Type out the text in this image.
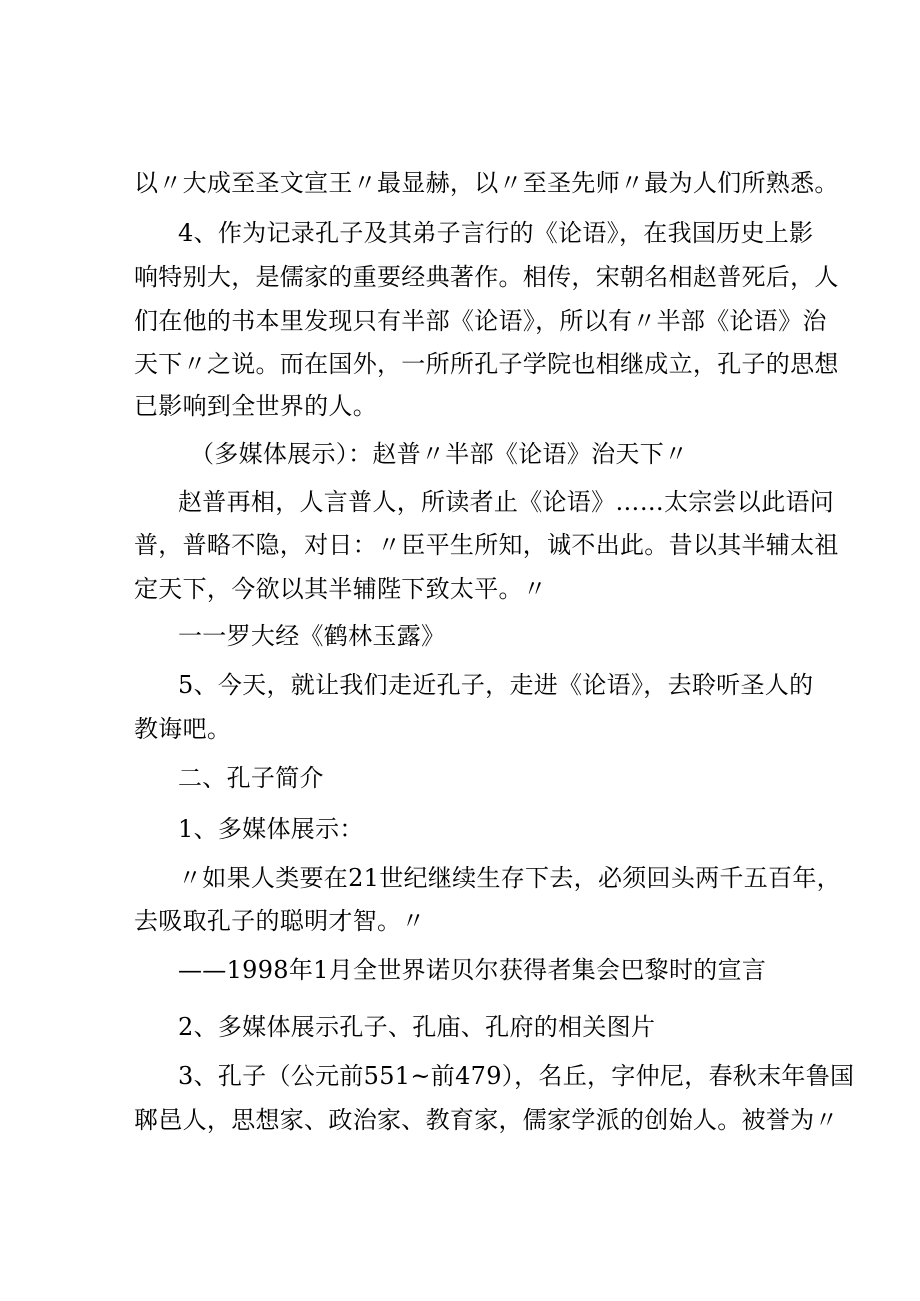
以〃大成至圣文宣王〃最显赫，以〃至圣先师〃最为人们所熟悉。
4、作为记录孔子及其弟子言行的《论语》，在我国历史上影
响特别大，是儒家的重要经典著作。相传，宋朝名相赵普死后，人
们在他的书本里发现只有半部《论语》，所以有〃半部《论语》治
天下〃之说。而在国外，一所所孔子学院也相继成立，孔子的思想
已影响到全世界的人。
（多媒体展示）：赵普〃半部《论语》治天下〃
赵普再相，人言普人，所读者止《论语》……太宗尝以此语问
普，普略不隐，对日：〃臣平生所知，诚不出此。昔以其半辅太祖
定天下，今欲以其半辅陛下致太平。〃
一一罗大经《鹤林玉露》
5、今天，就让我们走近孔子，走进《论语》，去聆听圣人的
教诲吧。
二、孔子简介
1、多媒体展示：
〃如果人类要在21世纪继续生存下去，必须回头两千五百年，
去吸取孔子的聪明才智。〃
——1998年1月全世界诺贝尔获得者集会巴黎时的宣言
2、多媒体展示孔子、孔庙、孔府的相关图片
3、孔子（公元前551~前479），名丘，字仲尼，春秋末年鲁国
郰邑人，思想家、政治家、教育家，儒家学派的创始人。被誉为〃
